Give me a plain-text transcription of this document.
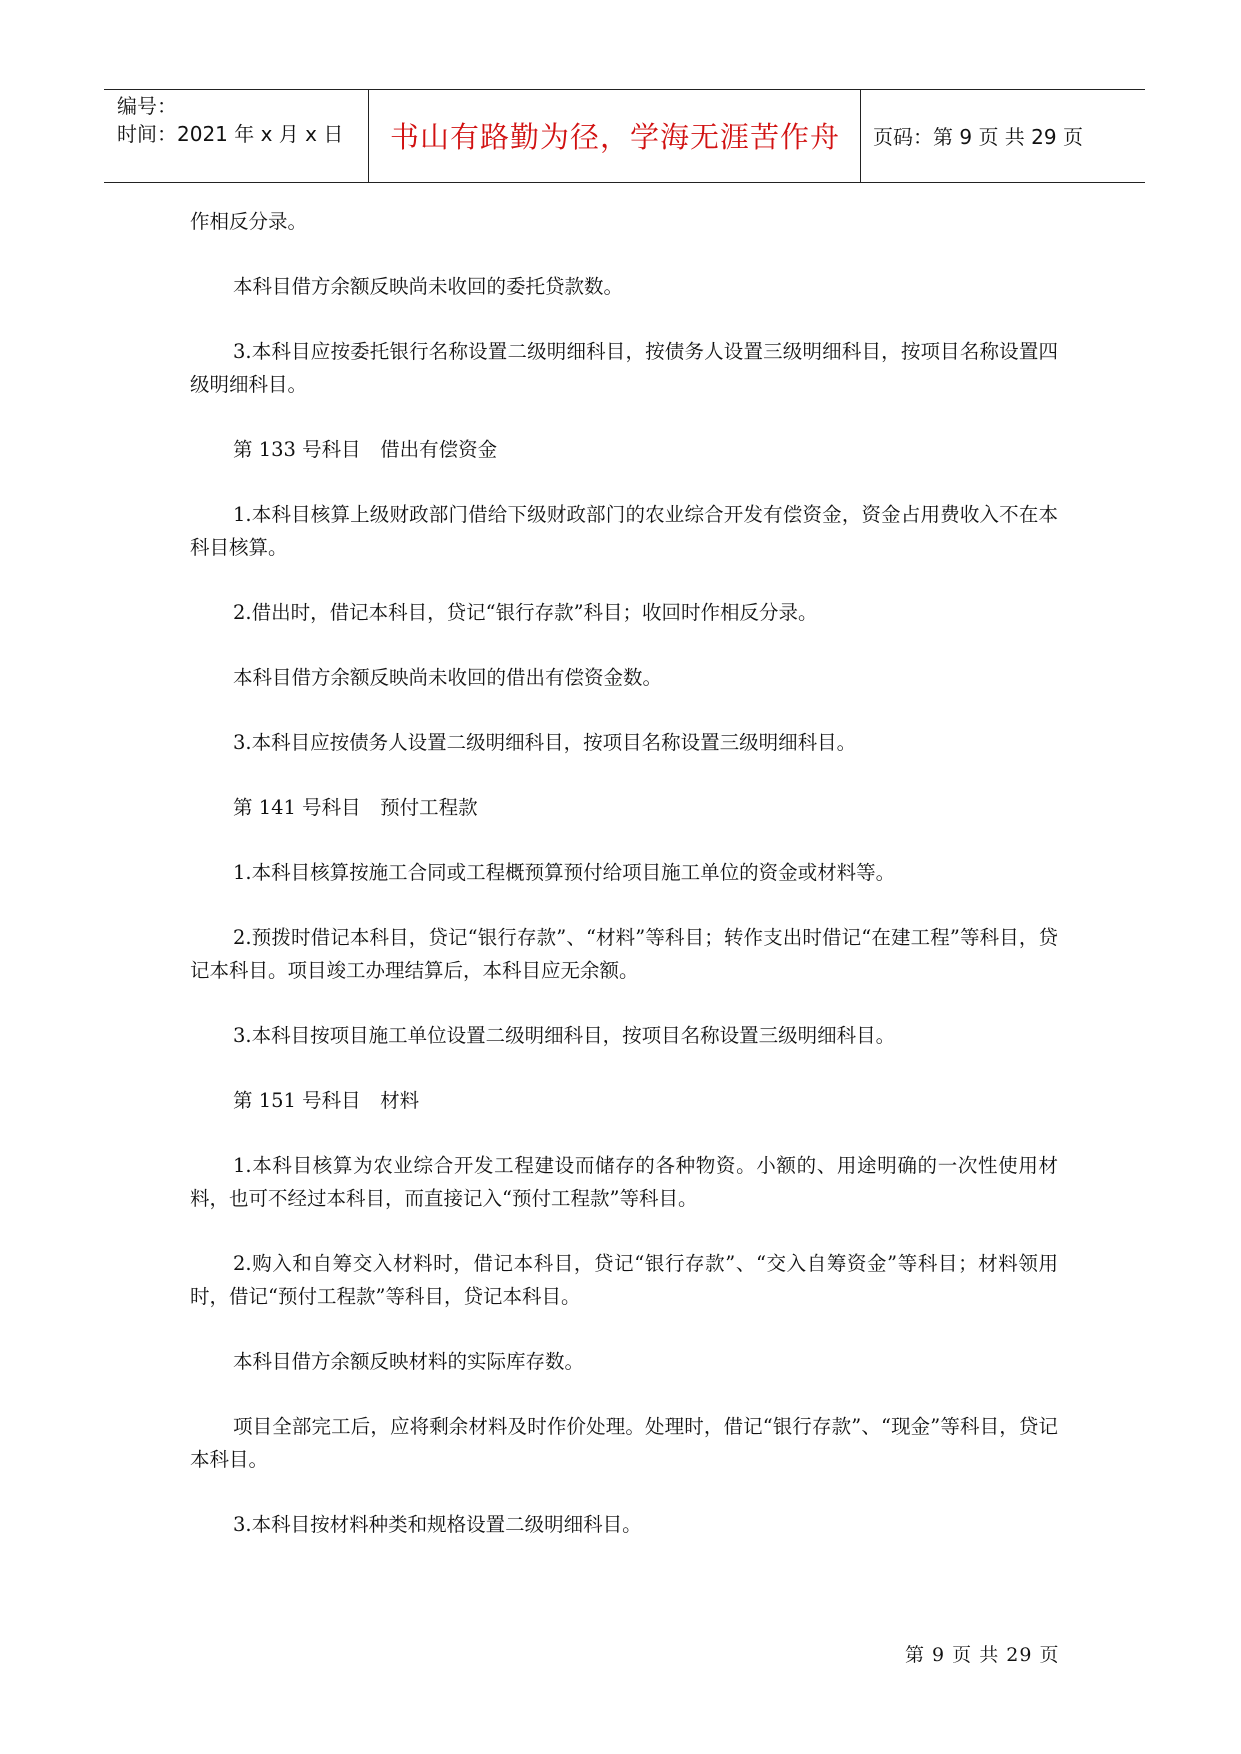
编号：
时间：2021 年 x 月 x 日	书山有路勤为径，学海无涯苦作舟	页码：第 9 页 共 29 页

作相反分录。

本科目借方余额反映尚未收回的委托贷款数。

3.本科目应按委托银行名称设置二级明细科目，按债务人设置三级明细科目，按项目名称设置四级明细科目。

第 133 号科目　借出有偿资金

1.本科目核算上级财政部门借给下级财政部门的农业综合开发有偿资金，资金占用费收入不在本科目核算。

2.借出时，借记本科目，贷记“银行存款”科目；收回时作相反分录。

本科目借方余额反映尚未收回的借出有偿资金数。

3.本科目应按债务人设置二级明细科目，按项目名称设置三级明细科目。

第 141 号科目　预付工程款

1.本科目核算按施工合同或工程概预算预付给项目施工单位的资金或材料等。

2.预拨时借记本科目，贷记“银行存款”、“材料”等科目；转作支出时借记“在建工程”等科目，贷记本科目。项目竣工办理结算后，本科目应无余额。

3.本科目按项目施工单位设置二级明细科目，按项目名称设置三级明细科目。

第 151 号科目　材料

1.本科目核算为农业综合开发工程建设而储存的各种物资。小额的、用途明确的一次性使用材料，也可不经过本科目，而直接记入“预付工程款”等科目。

2.购入和自筹交入材料时，借记本科目，贷记“银行存款”、“交入自筹资金”等科目；材料领用时，借记“预付工程款”等科目，贷记本科目。

本科目借方余额反映材料的实际库存数。

项目全部完工后，应将剩余材料及时作价处理。处理时，借记“银行存款”、“现金”等科目，贷记本科目。

3.本科目按材料种类和规格设置二级明细科目。

第 9 页 共 29 页
